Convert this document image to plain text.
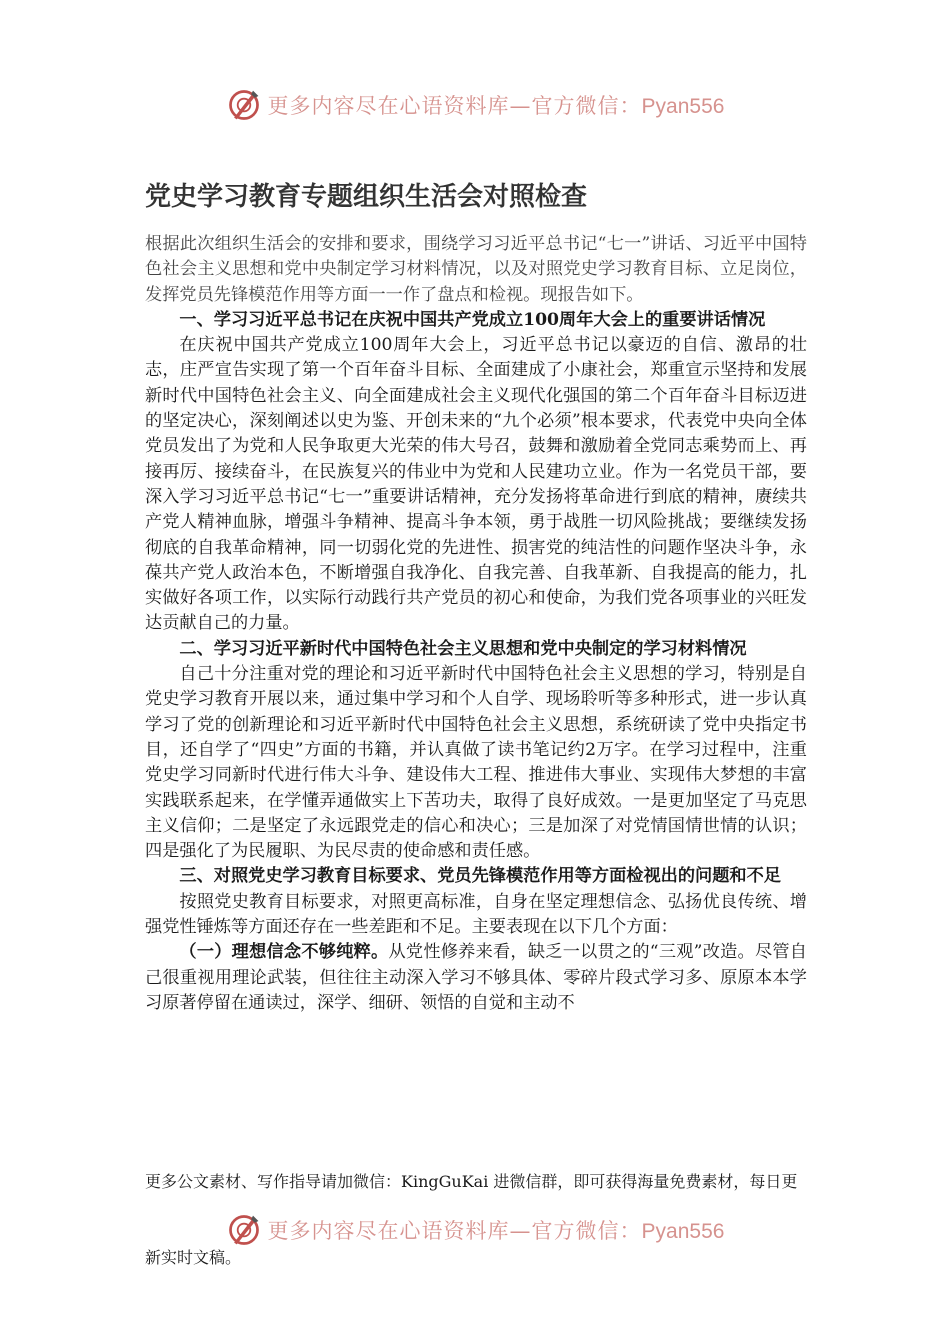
更多内容尽在心语资料库—官方微信：Pyan556
党史学习教育专题组织生活会对照检查

根据此次组织生活会的安排和要求，围绕学习习近平总书记“七一”讲话、习近平中国特色社会主义思想和党中央制定学习材料情况，以及对照党史学习教育目标、立足岗位，发挥党员先锋模范作用等方面一一作了盘点和检视。现报告如下。

一、学习习近平总书记在庆祝中国共产党成立100周年大会上的重要讲话情况

在庆祝中国共产党成立100周年大会上，习近平总书记以豪迈的自信、激昂的壮志，庄严宣告实现了第一个百年奋斗目标、全面建成了小康社会，郑重宣示坚持和发展新时代中国特色社会主义、向全面建成社会主义现代化强国的第二个百年奋斗目标迈进的坚定决心，深刻阐述以史为鉴、开创未来的“九个必须”根本要求，代表党中央向全体党员发出了为党和人民争取更大光荣的伟大号召，鼓舞和激励着全党同志乘势而上、再接再厉、接续奋斗，在民族复兴的伟业中为党和人民建功立业。作为一名党员干部，要深入学习习近平总书记“七一”重要讲话精神，充分发扬将革命进行到底的精神，赓续共产党人精神血脉，增强斗争精神、提高斗争本领，勇于战胜一切风险挑战；要继续发扬彻底的自我革命精神，同一切弱化党的先进性、损害党的纯洁性的问题作坚决斗争，永葆共产党人政治本色，不断增强自我净化、自我完善、自我革新、自我提高的能力，扎实做好各项工作，以实际行动践行共产党员的初心和使命，为我们党各项事业的兴旺发达贡献自己的力量。

二、学习习近平新时代中国特色社会主义思想和党中央制定的学习材料情况

自己十分注重对党的理论和习近平新时代中国特色社会主义思想的学习，特别是自党史学习教育开展以来，通过集中学习和个人自学、现场聆听等多种形式，进一步认真学习了党的创新理论和习近平新时代中国特色社会主义思想，系统研读了党中央指定书目，还自学了“四史”方面的书籍，并认真做了读书笔记约2万字。在学习过程中，注重党史学习同新时代进行伟大斗争、建设伟大工程、推进伟大事业、实现伟大梦想的丰富实践联系起来，在学懂弄通做实上下苦功夫，取得了良好成效。一是更加坚定了马克思主义信仰；二是坚定了永远跟党走的信心和决心；三是加深了对党情国情世情的认识；四是强化了为民履职、为民尽责的使命感和责任感。

三、对照党史学习教育目标要求、党员先锋模范作用等方面检视出的问题和不足

按照党史教育目标要求，对照更高标准，自身在坚定理想信念、弘扬优良传统、增强党性锤炼等方面还存在一些差距和不足。主要表现在以下几个方面：

（一）理想信念不够纯粹。从党性修养来看，缺乏一以贯之的“三观”改造。尽管自己很重视用理论武装，但往往主动深入学习不够具体、零碎片段式学习多、原原本本学习原著停留在通读过，深学、细研、领悟的自觉和主动不

更多公文素材、写作指导请加微信：KingGuKai 进微信群，即可获得海量免费素材，每日更
更多内容尽在心语资料库—官方微信：Pyan556
新实时文稿。
